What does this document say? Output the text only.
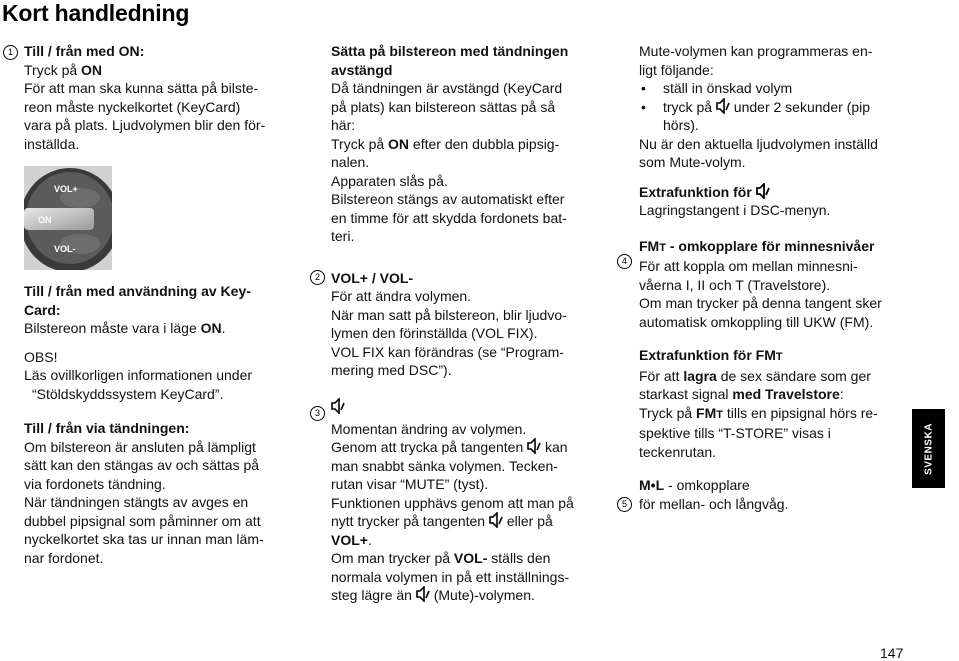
Kort handledning
1 Till / från med ON:

Tryck på ON

För att man ska kunna sätta på bilste-

reon måste nyckelkortet (KeyCard)

vara på plats. Ljudvolymen blir den för-

inställda.

VOL+
ON
VOL-

Till / från med användning av Key-

Card:

Bilstereon måste vara i läge ON.

OBS!

Läs ovillkorligen informationen under

“Stöldskyddssystem KeyCard”.

Till / från via tändningen:

Om bilstereon är ansluten på lämpligt

sätt kan den stängas av och sättas på

via fordonets tändning.

När tändningen stängts av avges en

dubbel pipsignal som påminner om att

nyckelkortet ska tas ur innan man läm-

nar fordonet.

Sätta på bilstereon med tändningen

avstängd

Då tändningen är avstängd (KeyCard

på plats) kan bilstereon sättas på så

här:

Tryck på ON efter den dubbla pipsig-

nalen.

Apparaten slås på.

Bilstereon stängs av automatiskt efter

en timme för att skydda fordonets bat-

teri.

VOL+ / VOL-

För att ändra volymen.

När man satt på bilstereon, blir ljudvo-

lymen den förinställda (VOL FIX).

VOL FIX kan förändras (se “Program-

mering med DSC”).

Momentan ändring av volymen.

Genom att trycka på tangenten  kan

man snabbt sänka volymen. Tecken-

rutan visar “MUTE” (tyst).

Funktionen upphävs genom att man på

nytt trycker på tangenten  eller på

VOL+.

Om man trycker på VOL- ställs den

normala volymen in på ett inställnings-

steg lägre än  (Mute)-volymen.

2
3

Mute-volymen kan programmeras en-

ligt följande:

• ställ in önskad volym

• tryck på  under 2 sekunder (pip

hörs).

Nu är den aktuella ljudvolymen inställd

som Mute-volym.

Extrafunktion för

Lagringstangent i DSC-menyn.

FMT - omkopplare för minnesnivåer

För att koppla om mellan minnesni-

våerna I, II och T (Travelstore).

Om man trycker på denna tangent sker

automatisk omkoppling till UKW (FM).

Extrafunktion för FMT

För att lagra de sex sändare som ger

starkast signal med Travelstore:

Tryck på FMT tills en pipsignal hörs re-

spektive tills “T-STORE” visas i

teckenrutan.

M•L - omkopplare

för mellan- och långvåg.

4
5
SVENSKA
147
